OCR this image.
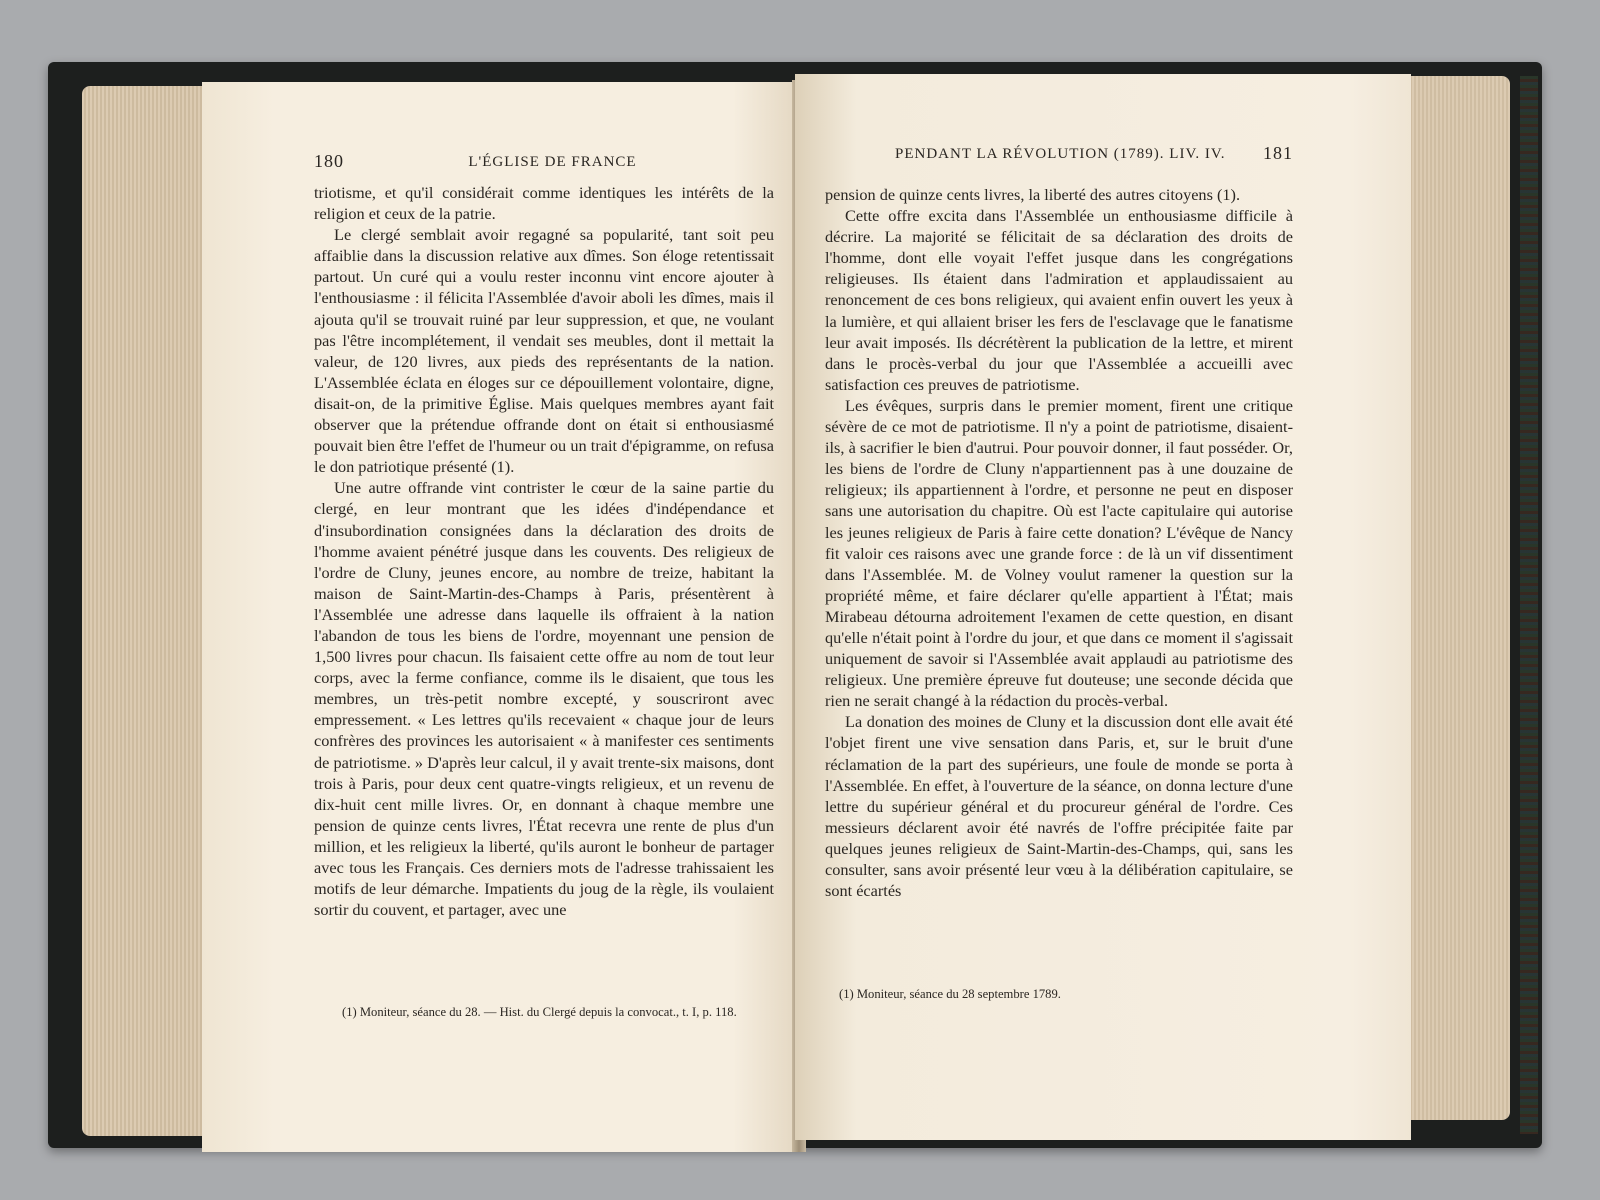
180	L'ÉGLISE DE FRANCE

triotisme, et qu'il considérait comme identiques les intérêts de la religion et ceux de la patrie.

Le clergé semblait avoir regagné sa popularité, tant soit peu affaiblie dans la discussion relative aux dîmes. Son éloge retentissait partout. Un curé qui a voulu rester inconnu vint encore ajouter à l'enthousiasme : il félicita l'Assemblée d'avoir aboli les dîmes, mais il ajouta qu'il se trouvait ruiné par leur suppression, et que, ne voulant pas l'être incomplétement, il vendait ses meubles, dont il mettait la valeur, de 120 livres, aux pieds des représentants de la nation. L'Assemblée éclata en éloges sur ce dépouillement volontaire, digne, disait-on, de la primitive Église. Mais quelques membres ayant fait observer que la prétendue offrande dont on était si enthousiasmé pouvait bien être l'effet de l'humeur ou un trait d'épigramme, on refusa le don patriotique présenté (1).

Une autre offrande vint contrister le cœur de la saine partie du clergé, en leur montrant que les idées d'indépendance et d'insubordination consignées dans la déclaration des droits de l'homme avaient pénétré jusque dans les couvents. Des religieux de l'ordre de Cluny, jeunes encore, au nombre de treize, habitant la maison de Saint-Martin-des-Champs à Paris, présentèrent à l'Assemblée une adresse dans laquelle ils offraient à la nation l'abandon de tous les biens de l'ordre, moyennant une pension de 1,500 livres pour chacun. Ils faisaient cette offre au nom de tout leur corps, avec la ferme confiance, comme ils le disaient, que tous les membres, un très-petit nombre excepté, y souscriront avec empressement. « Les lettres qu'ils recevaient « chaque jour de leurs confrères des provinces les autorisaient « à manifester ces sentiments de patriotisme. » D'après leur calcul, il y avait trente-six maisons, dont trois à Paris, pour deux cent quatre-vingts religieux, et un revenu de dix-huit cent mille livres. Or, en donnant à chaque membre une pension de quinze cents livres, l'État recevra une rente de plus d'un million, et les religieux la liberté, qu'ils auront le bonheur de partager avec tous les Français. Ces derniers mots de l'adresse trahissaient les motifs de leur démarche. Impatients du joug de la règle, ils voulaient sortir du couvent, et partager, avec une

(1) Moniteur, séance du 28. — Hist. du Clergé depuis la convocat., t. I, p. 118.
PENDANT LA RÉVOLUTION (1789). LIV. IV.	181

pension de quinze cents livres, la liberté des autres citoyens (1).

Cette offre excita dans l'Assemblée un enthousiasme difficile à décrire. La majorité se félicitait de sa déclaration des droits de l'homme, dont elle voyait l'effet jusque dans les congrégations religieuses. Ils étaient dans l'admiration et applaudissaient au renoncement de ces bons religieux, qui avaient enfin ouvert les yeux à la lumière, et qui allaient briser les fers de l'esclavage que le fanatisme leur avait imposés. Ils décrétèrent la publication de la lettre, et mirent dans le procès-verbal du jour que l'Assemblée a accueilli avec satisfaction ces preuves de patriotisme.

Les évêques, surpris dans le premier moment, firent une critique sévère de ce mot de patriotisme. Il n'y a point de patriotisme, disaient-ils, à sacrifier le bien d'autrui. Pour pouvoir donner, il faut posséder. Or, les biens de l'ordre de Cluny n'appartiennent pas à une douzaine de religieux; ils appartiennent à l'ordre, et personne ne peut en disposer sans une autorisation du chapitre. Où est l'acte capitulaire qui autorise les jeunes religieux de Paris à faire cette donation? L'évêque de Nancy fit valoir ces raisons avec une grande force : de là un vif dissentiment dans l'Assemblée. M. de Volney voulut ramener la question sur la propriété même, et faire déclarer qu'elle appartient à l'État; mais Mirabeau détourna adroitement l'examen de cette question, en disant qu'elle n'était point à l'ordre du jour, et que dans ce moment il s'agissait uniquement de savoir si l'Assemblée avait applaudi au patriotisme des religieux. Une première épreuve fut douteuse; une seconde décida que rien ne serait changé à la rédaction du procès-verbal.

La donation des moines de Cluny et la discussion dont elle avait été l'objet firent une vive sensation dans Paris, et, sur le bruit d'une réclamation de la part des supérieurs, une foule de monde se porta à l'Assemblée. En effet, à l'ouverture de la séance, on donna lecture d'une lettre du supérieur général et du procureur général de l'ordre. Ces messieurs déclarent avoir été navrés de l'offre précipitée faite par quelques jeunes religieux de Saint-Martin-des-Champs, qui, sans les consulter, sans avoir présenté leur vœu à la délibération capitulaire, se sont écartés

(1) Moniteur, séance du 28 septembre 1789.
